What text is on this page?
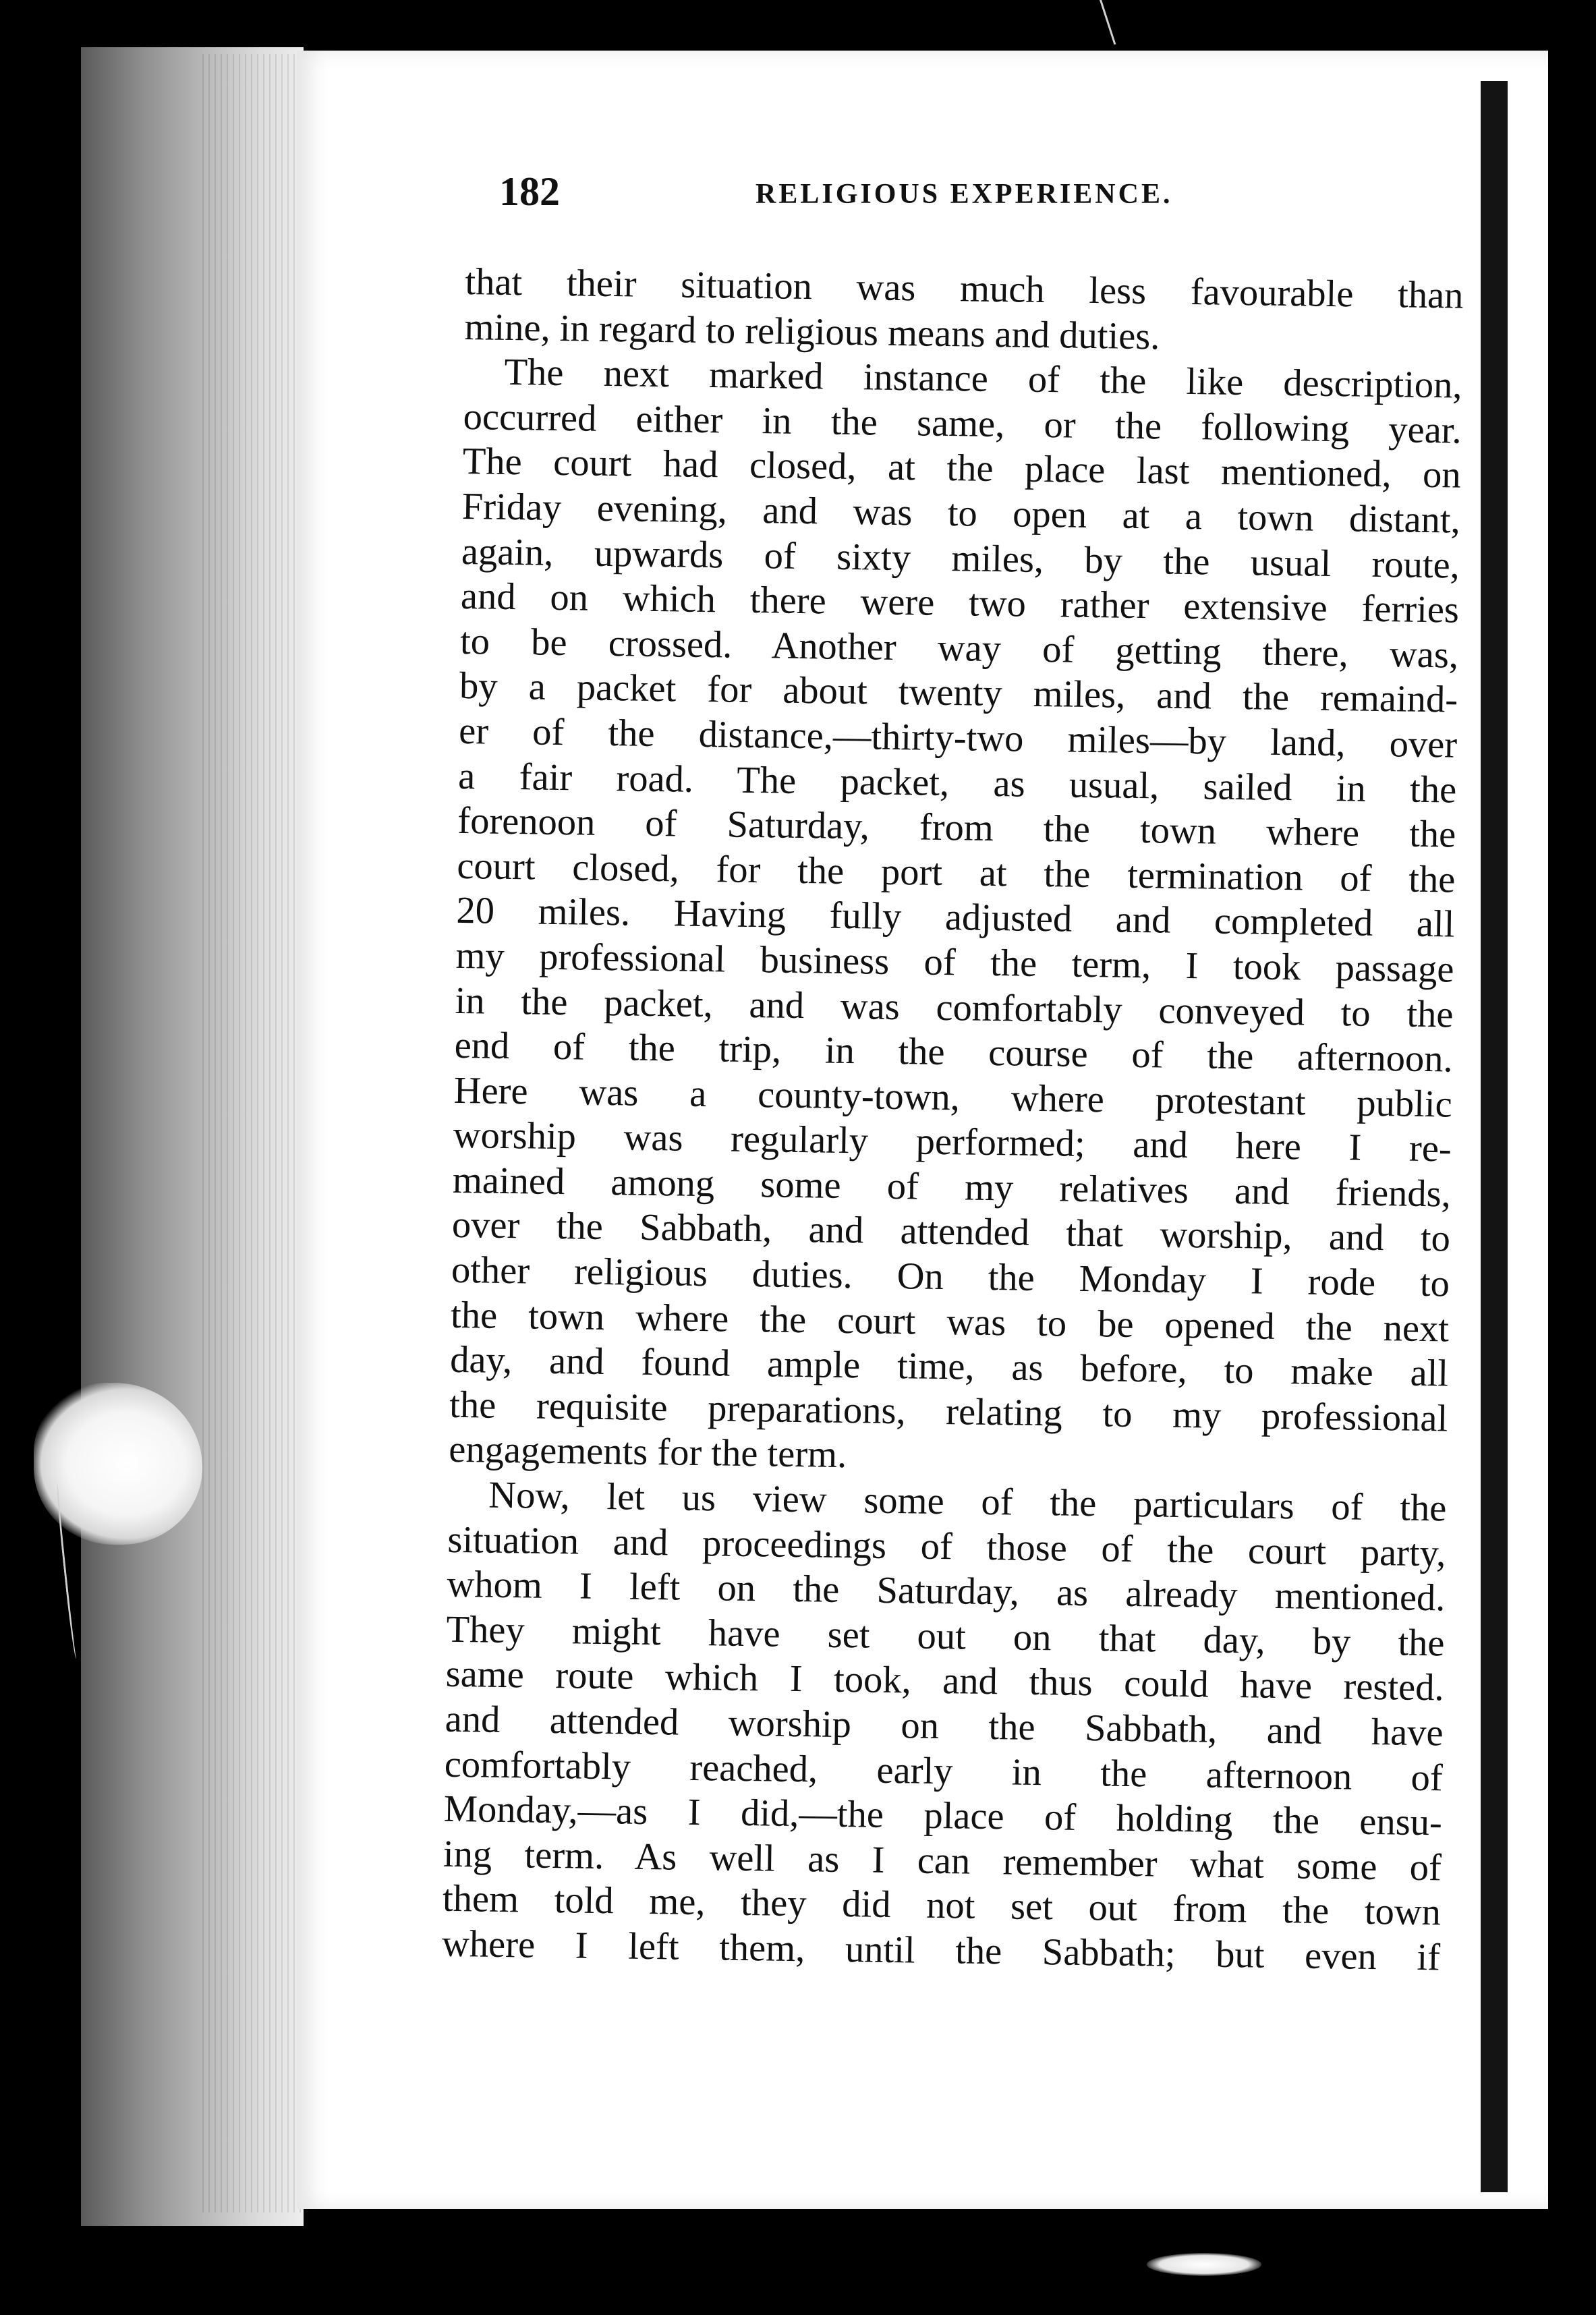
182	RELIGIOUS EXPERIENCE.
that their situation was much less favourable than
mine, in regard to religious means and duties.
The next marked instance of the like description,
occurred either in the same, or the following year.
The court had closed, at the place last mentioned, on
Friday evening, and was to open at a town distant,
again, upwards of sixty miles, by the usual route,
and on which there were two rather extensive ferries
to be crossed. Another way of getting there, was,
by a packet for about twenty miles, and the remaind-
er of the distance,—thirty-two miles—by land, over
a fair road. The packet, as usual, sailed in the
forenoon of Saturday, from the town where the
court closed, for the port at the termination of the
20 miles. Having fully adjusted and completed all
my professional business of the term, I took passage
in the packet, and was comfortably conveyed to the
end of the trip, in the course of the afternoon.
Here was a county-town, where protestant public
worship was regularly performed; and here I re-
mained among some of my relatives and friends,
over the Sabbath, and attended that worship, and to
other religious duties. On the Monday I rode to
the town where the court was to be opened the next
day, and found ample time, as before, to make all
the requisite preparations, relating to my professional
engagements for the term.
Now, let us view some of the particulars of the
situation and proceedings of those of the court party,
whom I left on the Saturday, as already mentioned.
They might have set out on that day, by the
same route which I took, and thus could have rested.
and attended worship on the Sabbath, and have
comfortably reached, early in the afternoon of
Monday,—as I did,—the place of holding the ensu-
ing term. As well as I can remember what some of
them told me, they did not set out from the town
where I left them, until the Sabbath; but even if
